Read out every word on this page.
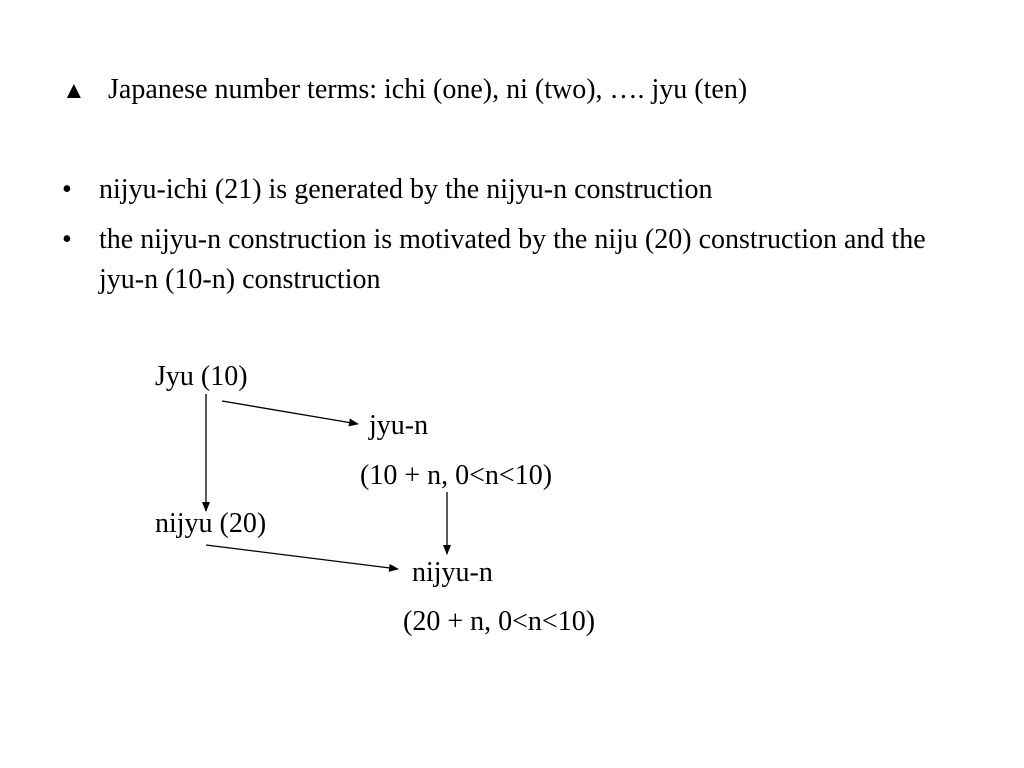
▲ Japanese number terms: ichi (one), ni (two), …. jyu (ten)
• nijyu-ichi (21) is generated by the nijyu-n construction
• the nijyu-n construction is motivated by the niju (20) construction and the jyu-n (10-n) construction
Jyu (10)
jyu-n
(10 + n, 0<n<10)
nijyu (20)
nijyu-n
(20 + n, 0<n<10)
